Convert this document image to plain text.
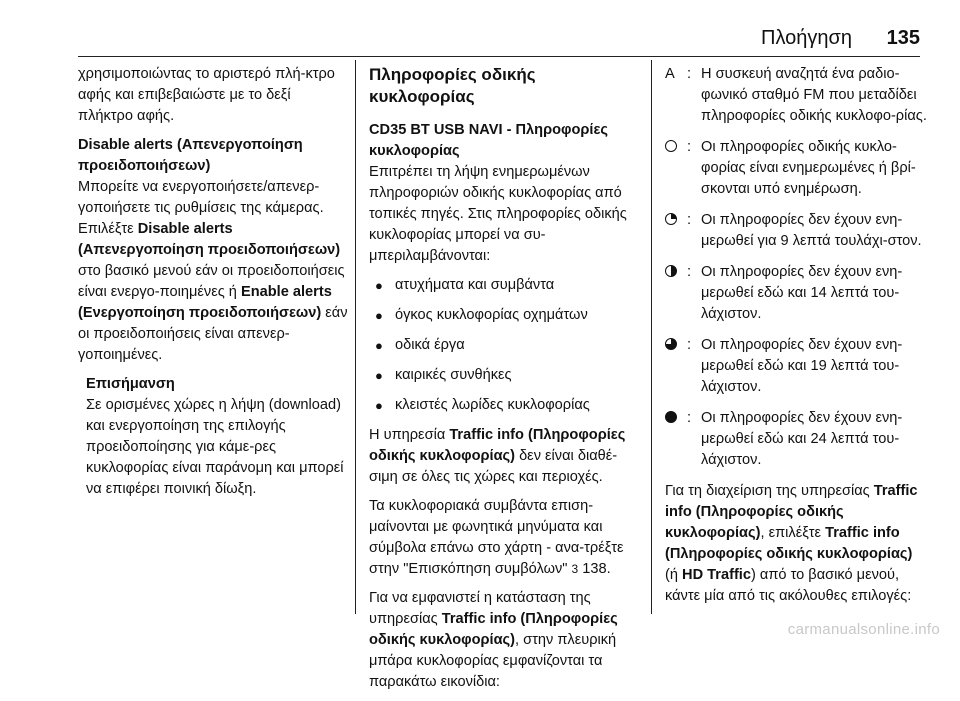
Πλοήγηση 135

χρησιμοποιώντας το αριστερό πλή-κτρο αφής και επιβεβαιώστε με το δεξί πλήκτρο αφής.

Disable alerts (Απενεργοποίηση προειδοποιήσεων)

Μπορείτε να ενεργοποιήσετε/απενερ-γοποιήσετε τις ρυθμίσεις της κάμερας.

Επιλέξτε Disable alerts (Απενεργοποίηση προειδοποιήσεων) στο βασικό μενού εάν οι προειδοποιήσεις είναι ενεργο-ποιημένες ή Enable alerts (Ενεργοποίηση προειδοποιήσεων) εάν οι προειδοποιήσεις είναι απενερ-γοποιημένες.

Επισήμανση

Σε ορισμένες χώρες η λήψη (download) και ενεργοποίηση της επιλογής προειδοποίησης για κάμε-ρες κυκλοφορίας είναι παράνομη και μπορεί να επιφέρει ποινική δίωξη.

Πληροφορίες οδικής κυκλοφορίας

CD35 BT USB NAVI - Πληροφορίες κυκλοφορίας

Επιτρέπει τη λήψη ενημερωμένων πληροφοριών οδικής κυκλοφορίας από τοπικές πηγές. Στις πληροφορίες οδικής κυκλοφορίας μπορεί να συ-μπεριλαμβάνονται:

● ατυχήματα και συμβάντα
● όγκος κυκλοφορίας οχημάτων
● οδικά έργα
● καιρικές συνθήκες
● κλειστές λωρίδες κυκλοφορίας

Η υπηρεσία Traffic info (Πληροφορίες οδικής κυκλοφορίας) δεν είναι διαθέ-σιμη σε όλες τις χώρες και περιοχές.

Τα κυκλοφοριακά συμβάντα επιση-μαίνονται με φωνητικά μηνύματα και σύμβολα επάνω στο χάρτη - ανα-τρέξτε στην "Επισκόπηση συμβόλων" 3 138.

Για να εμφανιστεί η κατάσταση της υπηρεσίας Traffic info (Πληροφορίες οδικής κυκλοφορίας), στην πλευρική μπάρα κυκλοφορίας εμφανίζονται τα παρακάτω εικονίδια:

A : Η συσκευή αναζητά ένα ραδιο-φωνικό σταθμό FM που μεταδίδει πληροφορίες οδικής κυκλοφο-ρίας.
: Οι πληροφορίες οδικής κυκλο-φορίας είναι ενημερωμένες ή βρί-σκονται υπό ενημέρωση.
: Οι πληροφορίες δεν έχουν ενη-μερωθεί για 9 λεπτά τουλάχι-στον.
: Οι πληροφορίες δεν έχουν ενη-μερωθεί εδώ και 14 λεπτά του-λάχιστον.
: Οι πληροφορίες δεν έχουν ενη-μερωθεί εδώ και 19 λεπτά του-λάχιστον.
: Οι πληροφορίες δεν έχουν ενη-μερωθεί εδώ και 24 λεπτά του-λάχιστον.

Για τη διαχείριση της υπηρεσίας Traffic info (Πληροφορίες οδικής κυκλοφορίας), επιλέξτε Traffic info (Πληροφορίες οδικής κυκλοφορίας) (ή HD Traffic) από το βασικό μενού, κάντε μία από τις ακόλουθες επιλογές:

carmanualsonline.info
